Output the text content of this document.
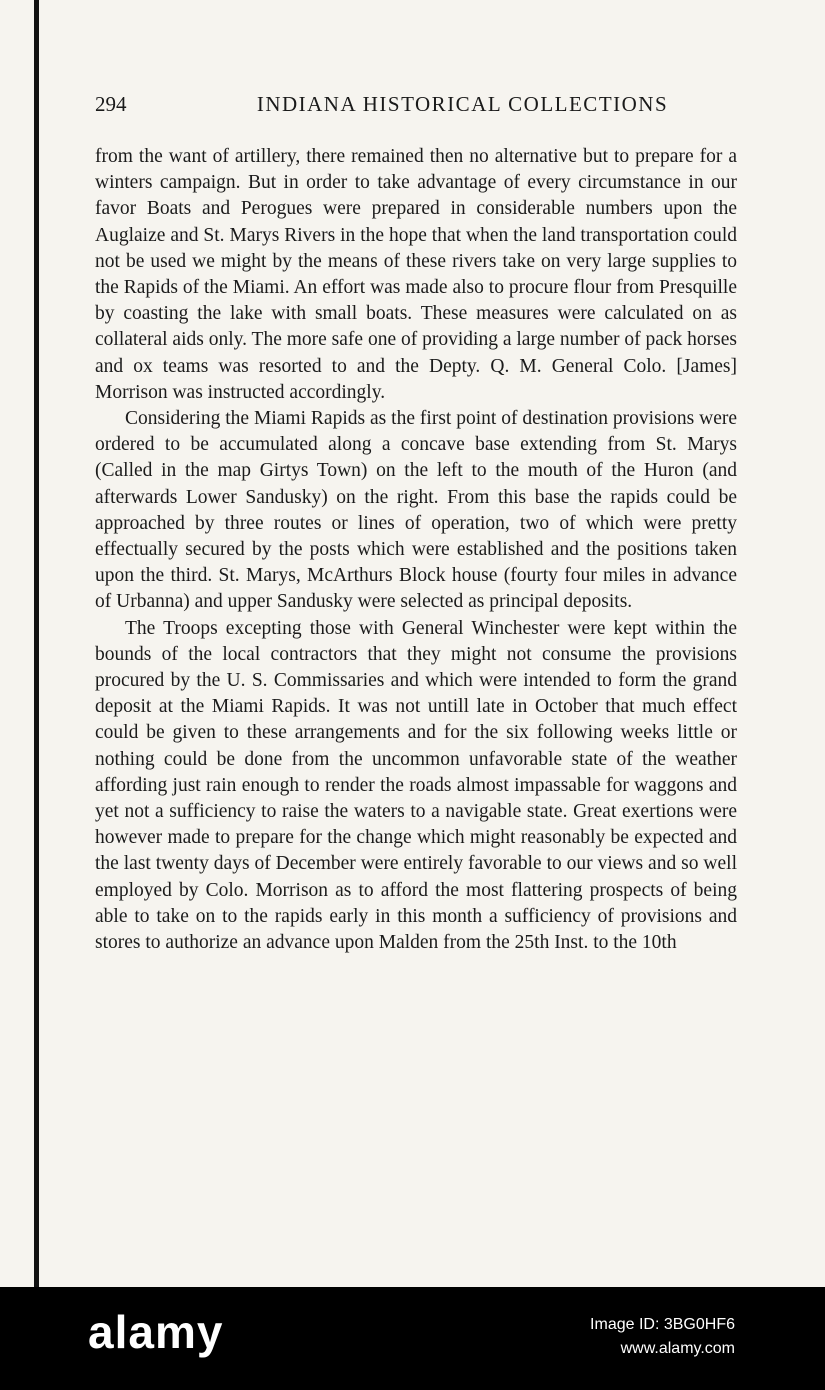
294	INDIANA HISTORICAL COLLECTIONS

from the want of artillery, there remained then no alternative but to prepare for a winters campaign. But in order to take advantage of every circumstance in our favor Boats and Perogues were prepared in considerable numbers upon the Auglaize and St. Marys Rivers in the hope that when the land transportation could not be used we might by the means of these rivers take on very large supplies to the Rapids of the Miami. An effort was made also to procure flour from Presquille by coasting the lake with small boats. These measures were calculated on as collateral aids only. The more safe one of providing a large number of pack horses and ox teams was resorted to and the Depty. Q. M. General Colo. [James] Morrison was instructed accordingly.

Considering the Miami Rapids as the first point of destination provisions were ordered to be accumulated along a concave base extending from St. Marys (Called in the map Girtys Town) on the left to the mouth of the Huron (and afterwards Lower Sandusky) on the right. From this base the rapids could be approached by three routes or lines of operation, two of which were pretty effectually secured by the posts which were established and the positions taken upon the third. St. Marys, McArthurs Block house (fourty four miles in advance of Urbanna) and upper Sandusky were selected as principal deposits.

The Troops excepting those with General Winchester were kept within the bounds of the local contractors that they might not consume the provisions procured by the U. S. Commissaries and which were intended to form the grand deposit at the Miami Rapids. It was not untill late in October that much effect could be given to these arrangements and for the six following weeks little or nothing could be done from the uncommon unfavorable state of the weather affording just rain enough to render the roads almost impassable for waggons and yet not a sufficiency to raise the waters to a navigable state. Great exertions were however made to prepare for the change which might reasonably be expected and the last twenty days of December were entirely favorable to our views and so well employed by Colo. Morrison as to afford the most flattering prospects of being able to take on to the rapids early in this month a sufficiency of provisions and stores to authorize an advance upon Malden from the 25th Inst. to the 10th

alamy	Image ID: 3BG0HF6
www.alamy.com
